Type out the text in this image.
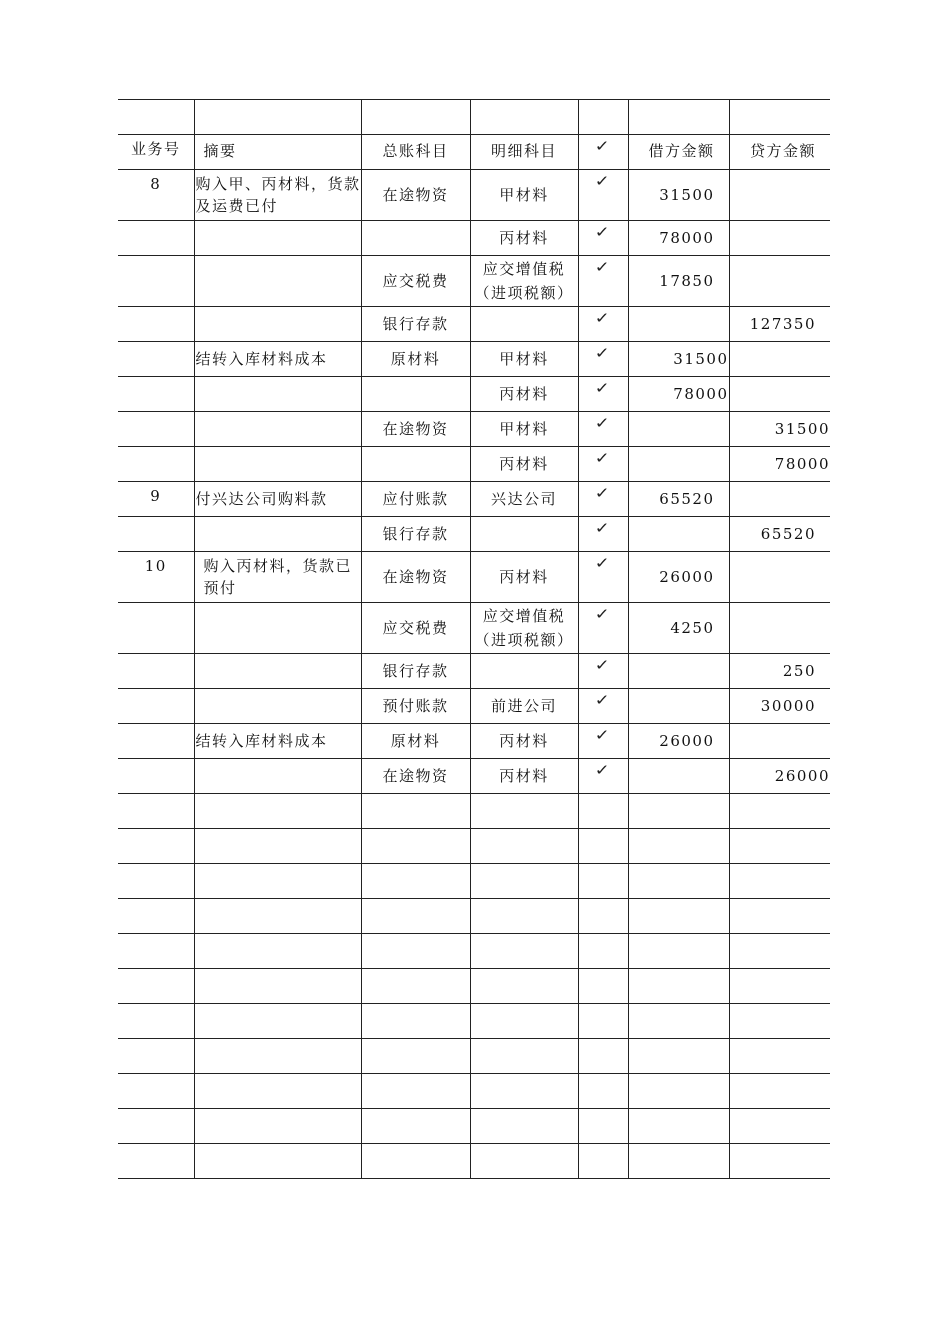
业务号	摘要	总账科目	明细科目	✓	借方金额	贷方金额
8	购入甲、丙材料，货款及运费已付	在途物资	甲材料	✓	31500	
			丙材料	✓	78000	
		应交税费	应交增值税（进项税额）	✓	17850	
		银行存款		✓		127350
	结转入库材料成本	原材料	甲材料	✓	31500	
			丙材料	✓	78000	
		在途物资	甲材料	✓		31500
			丙材料	✓		78000
9	付兴达公司购料款	应付账款	兴达公司	✓	65520	
		银行存款		✓		65520
10	购入丙材料，货款已预付	在途物资	丙材料	✓	26000	
		应交税费	应交增值税（进项税额）	✓	4250	
		银行存款		✓		250
		预付账款	前进公司	✓		30000
	结转入库材料成本	原材料	丙材料	✓	26000	
		在途物资	丙材料	✓		26000
